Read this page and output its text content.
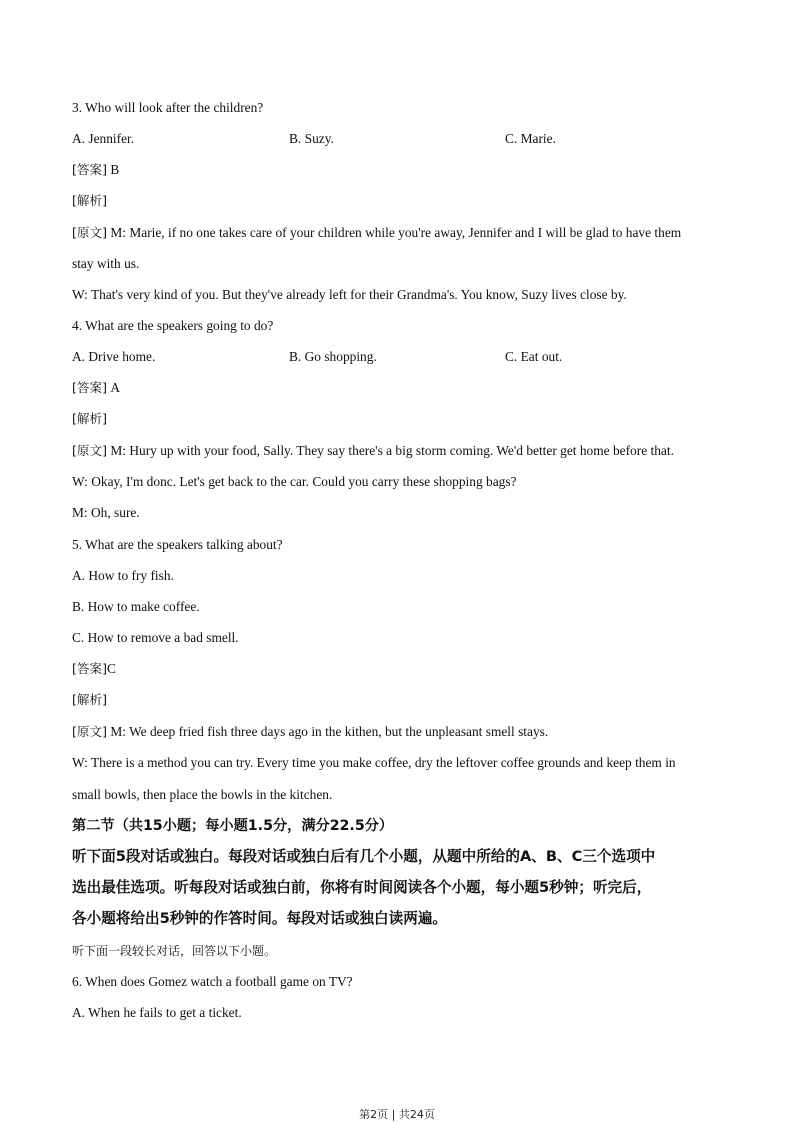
3. Who will look after the children?
A. Jennifer.	B. Suzy.	C. Marie.
[答案] B
[解析]
[原文] M: Marie, if no one takes care of your children while you're away, Jennifer and I will be glad to have them
stay with us.
W: That's very kind of you. But they've already left for their Grandma's. You know, Suzy lives close by.
4. What are the speakers going to do?
A. Drive home.	B. Go shopping.	C. Eat out.
[答案] A
[解析]
[原文] M: Hury up with your food, Sally. They say there's a big storm coming. We'd better get home before that.
W: Okay, I'm donc. Let's get back to the car. Could you carry these shopping bags?
M: Oh, sure.
5. What are the speakers talking about?
A. How to fry fish.
B. How to make coffee.
C. How to remove a bad smell.
[答案]C
[解析]
[原文] M: We deep fried fish three days ago in the kithen, but the unpleasant smell stays.
W: There is a method you can try. Every time you make coffee, dry the leftover coffee grounds and keep them in
small bowls, then place the bowls in the kitchen.
第二节（共15小题；每小题1.5分，满分22.5分）
听下面5段对话或独白。每段对话或独白后有几个小题，从题中所给的A、B、C三个选项中
选出最佳选项。听每段对话或独白前，你将有时间阅读各个小题，每小题5秒钟；听完后，
各小题将给出5秒钟的作答时间。每段对话或独白读两遍。
听下面一段较长对话，回答以下小题。
6. When does Gomez watch a football game on TV?
A. When he fails to get a ticket.
第2页 | 共24页
